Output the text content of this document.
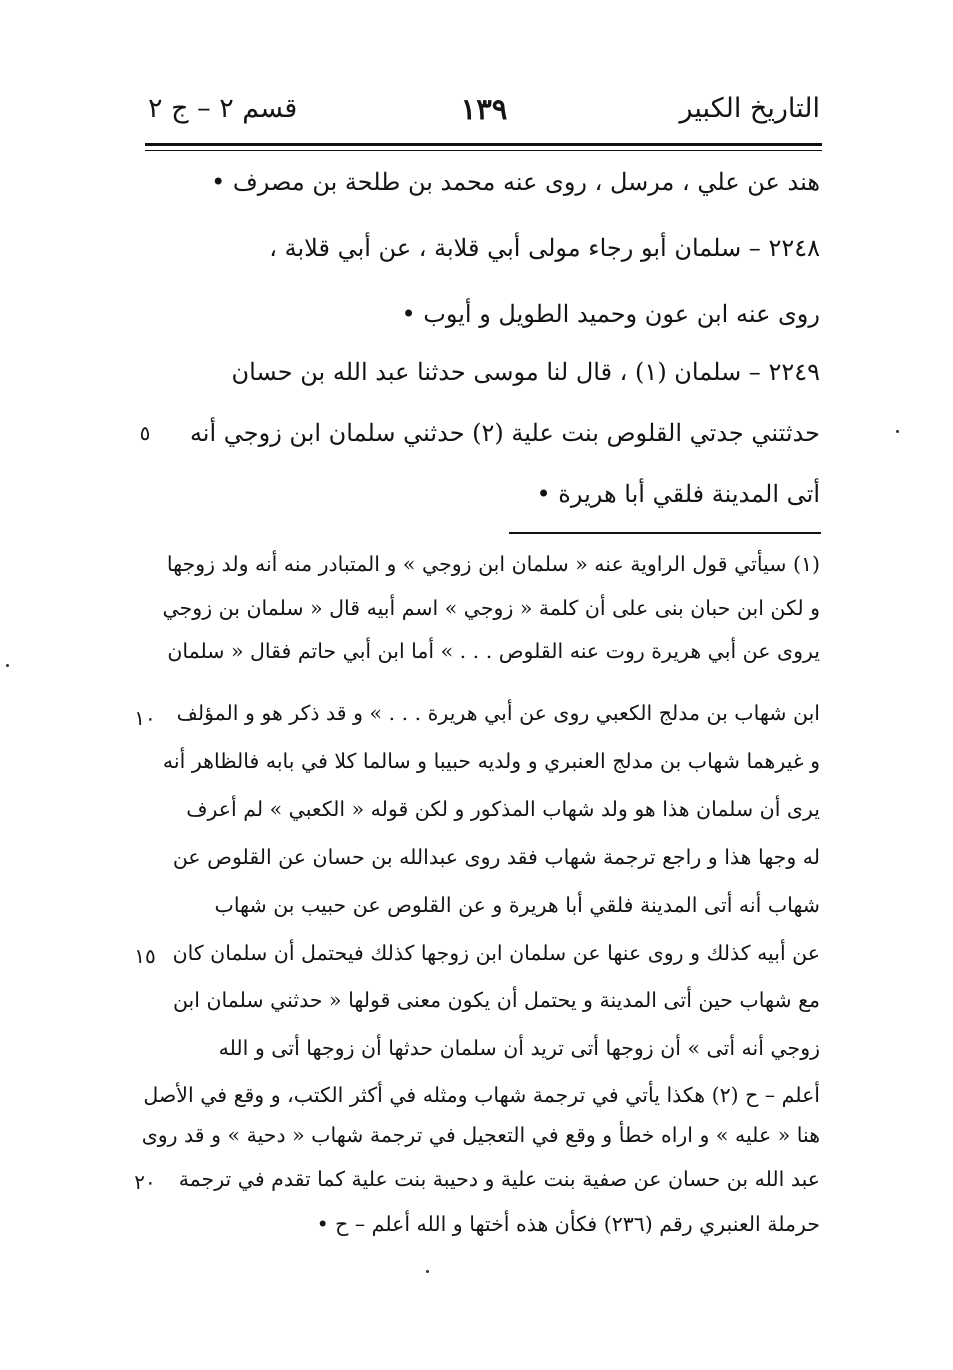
التاريخ الكبير
١٣٩
قسم ٢ – ج ٢
هند عن علي ، مرسل ، روى عنه محمد بن طلحة بن مصرف •
٢٢٤٨ – سلمان أبو رجاء مولى أبي قلابة ، عن أبي قلابة ،
روى عنه ابن عون وحميد الطويل و أيوب •
٢٢٤٩ – سلمان (١) ، قال لنا موسى حدثنا عبد الله بن حسان
حدثتني جدتي القلوص بنت علية (٢) حدثني سلمان ابن زوجي أنه
أتى المدينة فلقي أبا هريرة •
(١) سيأتي قول الراوية عنه « سلمان ابن زوجي » و المتبادر منه أنه ولد زوجها
و لكن ابن حبان بنى على أن كلمة « زوجي » اسم أبيه قال « سلمان بن زوجي
يروى عن أبي هريرة روت عنه القلوص . . . » أما ابن أبي حاتم فقال « سلمان
ابن شهاب بن مدلج الكعبي روى عن أبي هريرة . . . » و قد ذكر هو و المؤلف
و غيرهما شهاب بن مدلج العنبري و ولديه حبيبا و سالما كلا في بابه فالظاهر أنه
يرى أن سلمان هذا هو ولد شهاب المذكور و لكن قوله « الكعبي » لم أعرف
له وجها هذا و راجع ترجمة شهاب فقد روى عبدالله بن حسان عن القلوص عن
شهاب أنه أتى المدينة فلقي أبا هريرة و عن القلوص عن حبيب بن شهاب
عن أبيه كذلك و روى عنها عن سلمان ابن زوجها كذلك فيحتمل أن سلمان كان
مع شهاب حين أتى المدينة و يحتمل أن يكون معنى قولها « حدثني سلمان ابن
زوجي أنه أتى » أن زوجها أتى تريد أن سلمان حدثها أن زوجها أتى و الله
أعلم – ح (٢) هكذا يأتي في ترجمة شهاب ومثله في أكثر الكتب، و وقع في الأصل
هنا « عليه » و اراه خطأ و وقع في التعجيل في ترجمة شهاب « دحية » و قد روى
عبد الله بن حسان عن صفية بنت علية و دحيبة بنت علية كما تقدم في ترجمة
حرملة العنبري رقم (٢٣٦) فكأن هذه أختها و الله أعلم – ح •
٥
١٠
١٥
٢٠
